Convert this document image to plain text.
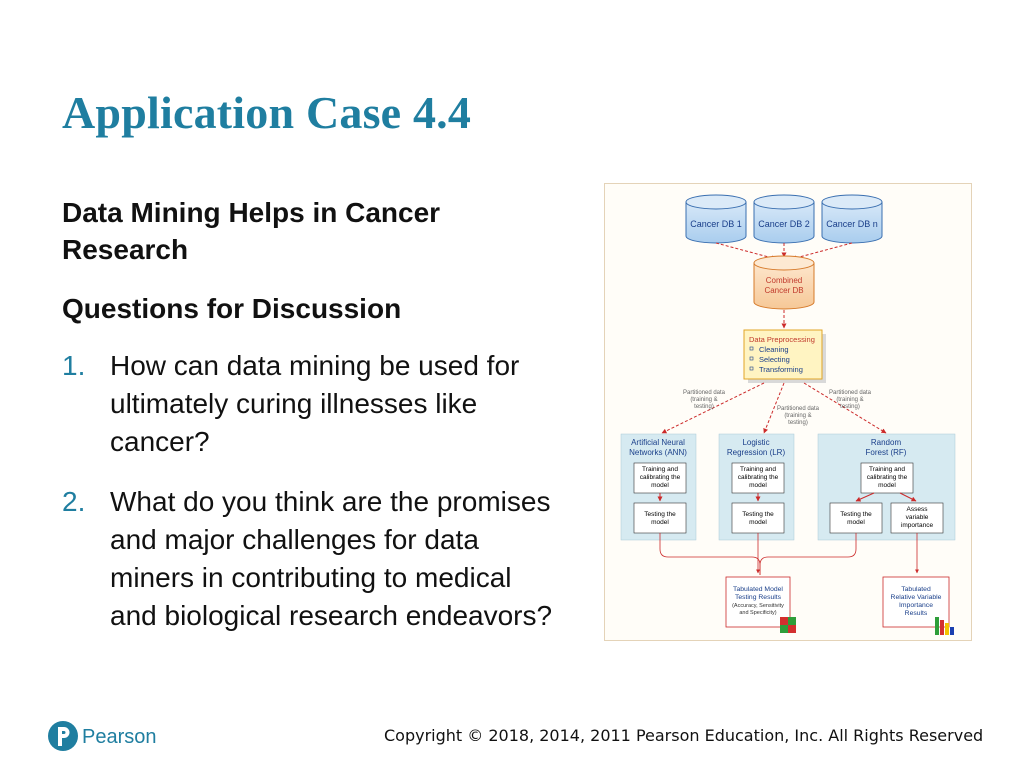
Application Case 4.4

Data Mining Helps in Cancer Research

Questions for Discussion

1. How can data mining be used for ultimately curing illnesses like cancer?
2. What do you think are the promises and major challenges for data miners in contributing to medical and biological research endeavors?
Cancer DB 1 Cancer DB 2 Cancer DB n
Combined
Cancer DB
Data Preprocessing
Cleaning
Selecting
Transforming
Partitioned data
(training &
testing)	Partitioned data
(training &
testing)
Partitioned data
(training &
testing)
Artificial Neural
Networks (ANN)
Training and
calibrating the
model
Testing the
model
Logistic
Regression (LR)
Training and
calibrating the
model
Testing the
model
Random
Forest (RF)
Training and
calibrating the
model
Testing the
model
Assess
variable
importance
Tabulated Model
Testing Results
(Accuracy, Sensitivity
and Specificity)
Tabulated
Relative Variable
Importance
Results
Pearson	Copyright © 2018, 2014, 2011 Pearson Education, Inc. All Rights Reserved
